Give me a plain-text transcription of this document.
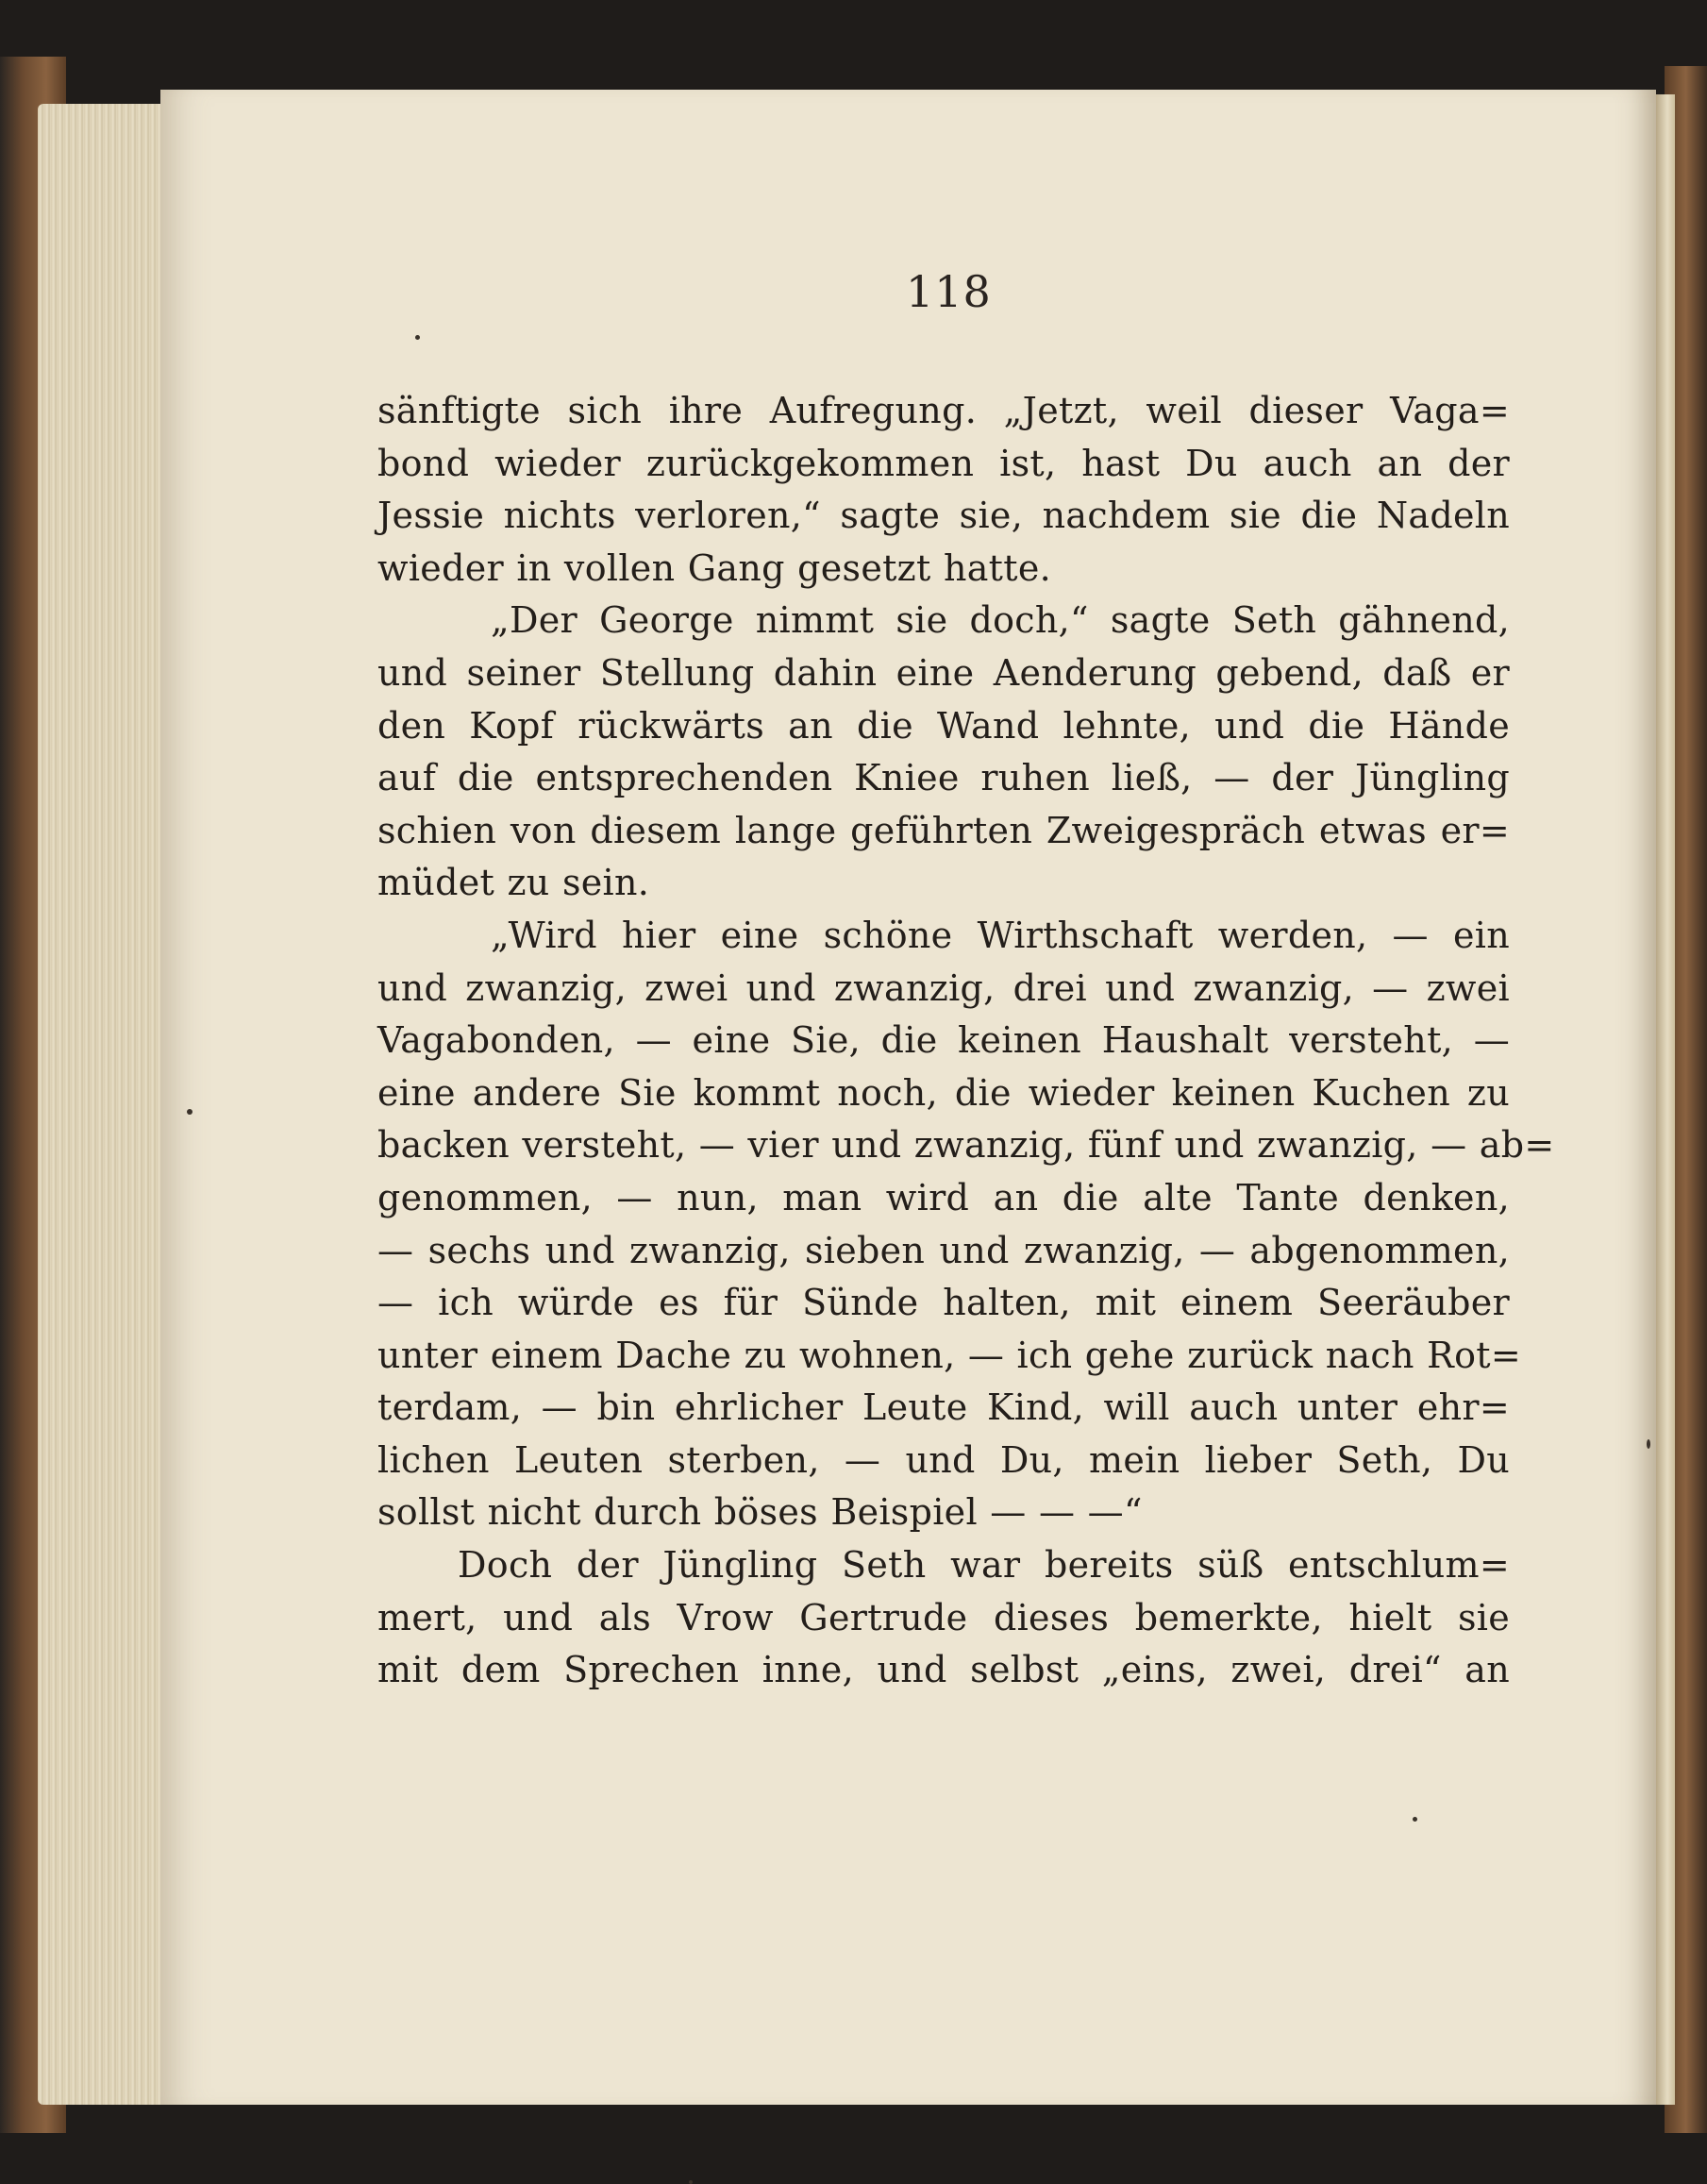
118
sänftigte sich ihre Aufregung. „Jetzt, weil dieser Vaga=
bond wieder zurückgekommen ist, hast Du auch an der
Jessie nichts verloren,“ sagte sie, nachdem sie die Nadeln
wieder in vollen Gang gesetzt hatte.
„Der George nimmt sie doch,“ sagte Seth gähnend,
und seiner Stellung dahin eine Aenderung gebend, daß er
den Kopf rückwärts an die Wand lehnte, und die Hände
auf die entsprechenden Kniee ruhen ließ, — der Jüngling
schien von diesem lange geführten Zweigespräch etwas er=
müdet zu sein.
„Wird hier eine schöne Wirthschaft werden, — ein
und zwanzig, zwei und zwanzig, drei und zwanzig, — zwei
Vagabonden, — eine Sie, die keinen Haushalt versteht, —
eine andere Sie kommt noch, die wieder keinen Kuchen zu
backen versteht, — vier und zwanzig, fünf und zwanzig, — ab=
genommen, — nun, man wird an die alte Tante denken,
— sechs und zwanzig, sieben und zwanzig, — abgenommen,
— ich würde es für Sünde halten, mit einem Seeräuber
unter einem Dache zu wohnen, — ich gehe zurück nach Rot=
terdam, — bin ehrlicher Leute Kind, will auch unter ehr=
lichen Leuten sterben, — und Du, mein lieber Seth, Du
sollst nicht durch böses Beispiel — — —“
Doch der Jüngling Seth war bereits süß entschlum=
mert, und als Vrow Gertrude dieses bemerkte, hielt sie
mit dem Sprechen inne, und selbst „eins, zwei, drei“ an
